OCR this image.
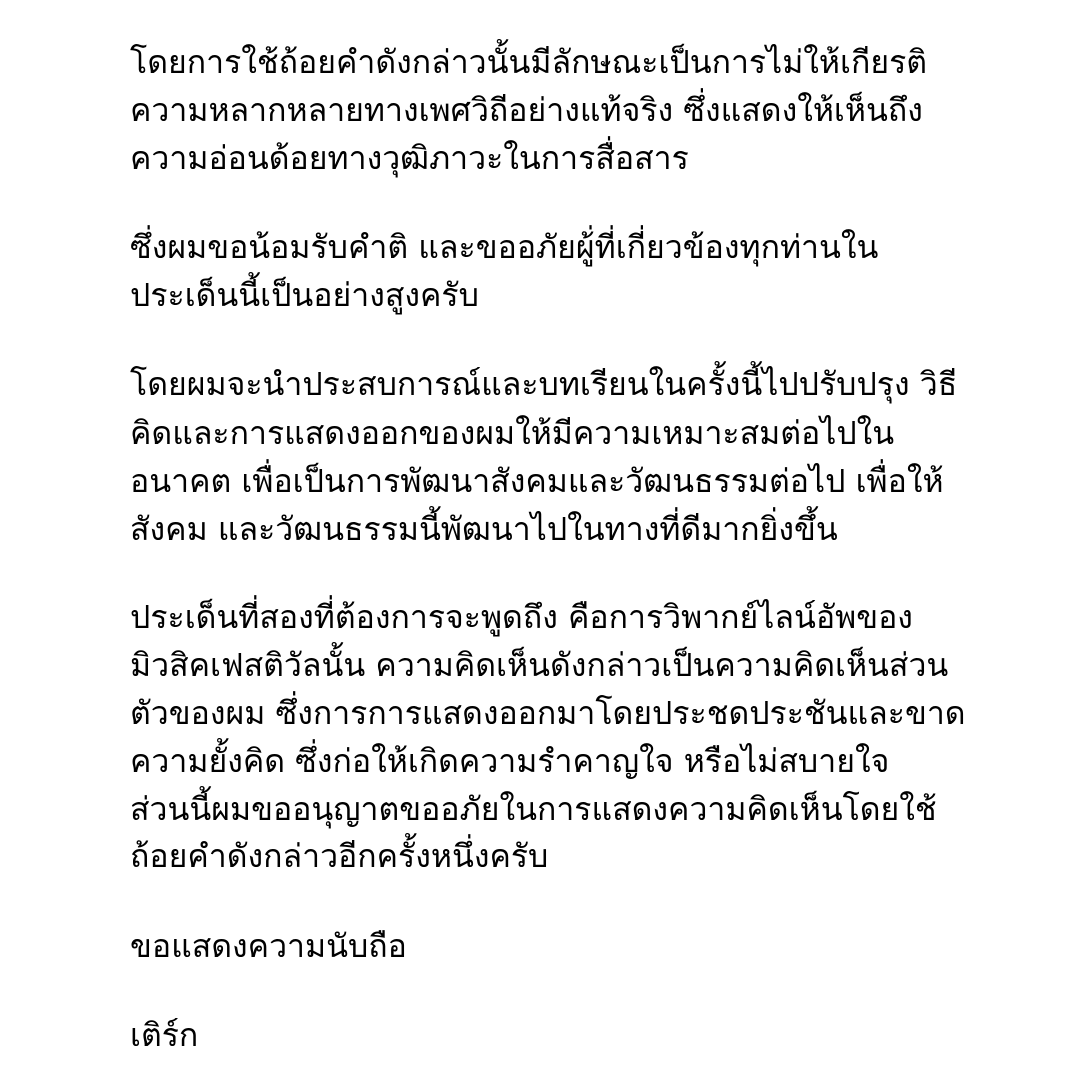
โดยการใช้ถ้อยคำดังกล่าวนั้นมีลักษณะเป็นการไม่ให้เกียรติ
ความหลากหลายทางเพศวิถีอย่างแท้จริง ซึ่งแสดงให้เห็นถึง
ความอ่อนด้อยทางวุฒิภาวะในการสื่อสาร
ซึ่งผมขอน้อมรับคำติ และขออภัยผู้่ที่เกี่ยวข้องทุกท่านใน
ประเด็นนี้เป็นอย่างสูงครับ
โดยผมจะนำประสบการณ์และบทเรียนในครั้งนี้ไปปรับปรุง วิธี
คิดและการแสดงออกของผมให้มีความเหมาะสมต่อไปใน
อนาคต เพื่อเป็นการพัฒนาสังคมและวัฒนธรรมต่อไป เพื่อให้
สังคม และวัฒนธรรมนี้พัฒนาไปในทางที่ดีมากยิ่งขึ้น
ประเด็นที่สองที่ต้องการจะพูดถึง คือการวิพากย์ไลน์อัพของ
มิวสิคเฟสติวัลนั้น ความคิดเห็นดังกล่าวเป็นความคิดเห็นส่วน
ตัวของผม ซึ่งการการแสดงออกมาโดยประชดประชันและขาด
ความยั้งคิด ซึ่งก่อให้เกิดความรำคาญใจ หรือไม่สบายใจ
ส่วนนี้ผมขออนุญาตขออภัยในการแสดงความคิดเห็นโดยใช้
ถ้อยคำดังกล่าวอีกครั้งหนึ่งครับ
ขอแสดงความนับถือ
เติร์ก
